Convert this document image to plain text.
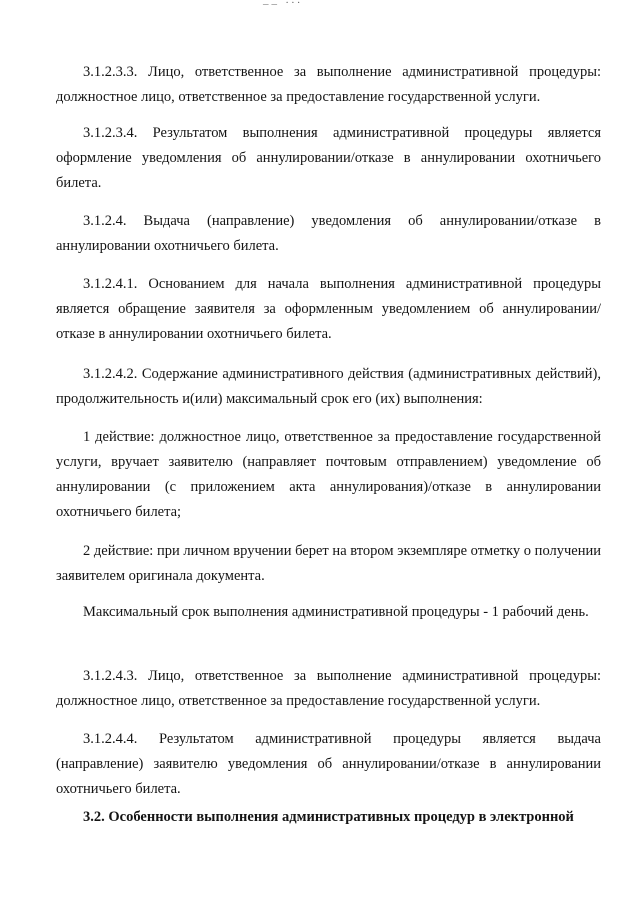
__ ...

3.1.2.3.3. Лицо, ответственное за выполнение административной процедуры: должностное лицо, ответственное за предоставление государственной услуги.

3.1.2.3.4. Результатом выполнения административной процедуры является оформление уведомления об аннулировании/отказе в аннулировании охотничьего билета.

3.1.2.4. Выдача (направление) уведомления об аннулировании/отказе в аннулировании охотничьего билета.

3.1.2.4.1. Основанием для начала выполнения административной процедуры является обращение заявителя за оформленным уведомлением об аннулировании/отказе в аннулировании охотничьего билета.

3.1.2.4.2. Содержание административного действия (административных действий), продолжительность и(или) максимальный срок его (их) выполнения:

1 действие: должностное лицо, ответственное за предоставление государственной услуги, вручает заявителю (направляет почтовым отправлением) уведомление об аннулировании (с приложением акта аннулирования)/отказе в аннулировании охотничьего билета;

2 действие: при личном вручении берет на втором экземпляре отметку о получении заявителем оригинала документа.

Максимальный срок выполнения административной процедуры - 1 рабочий день.

3.1.2.4.3. Лицо, ответственное за выполнение административной процедуры: должностное лицо, ответственное за предоставление государственной услуги.

3.1.2.4.4. Результатом административной процедуры является выдача (направление) заявителю уведомления об аннулировании/отказе в аннулировании охотничьего билета.

3.2. Особенности выполнения административных процедур в электронной
